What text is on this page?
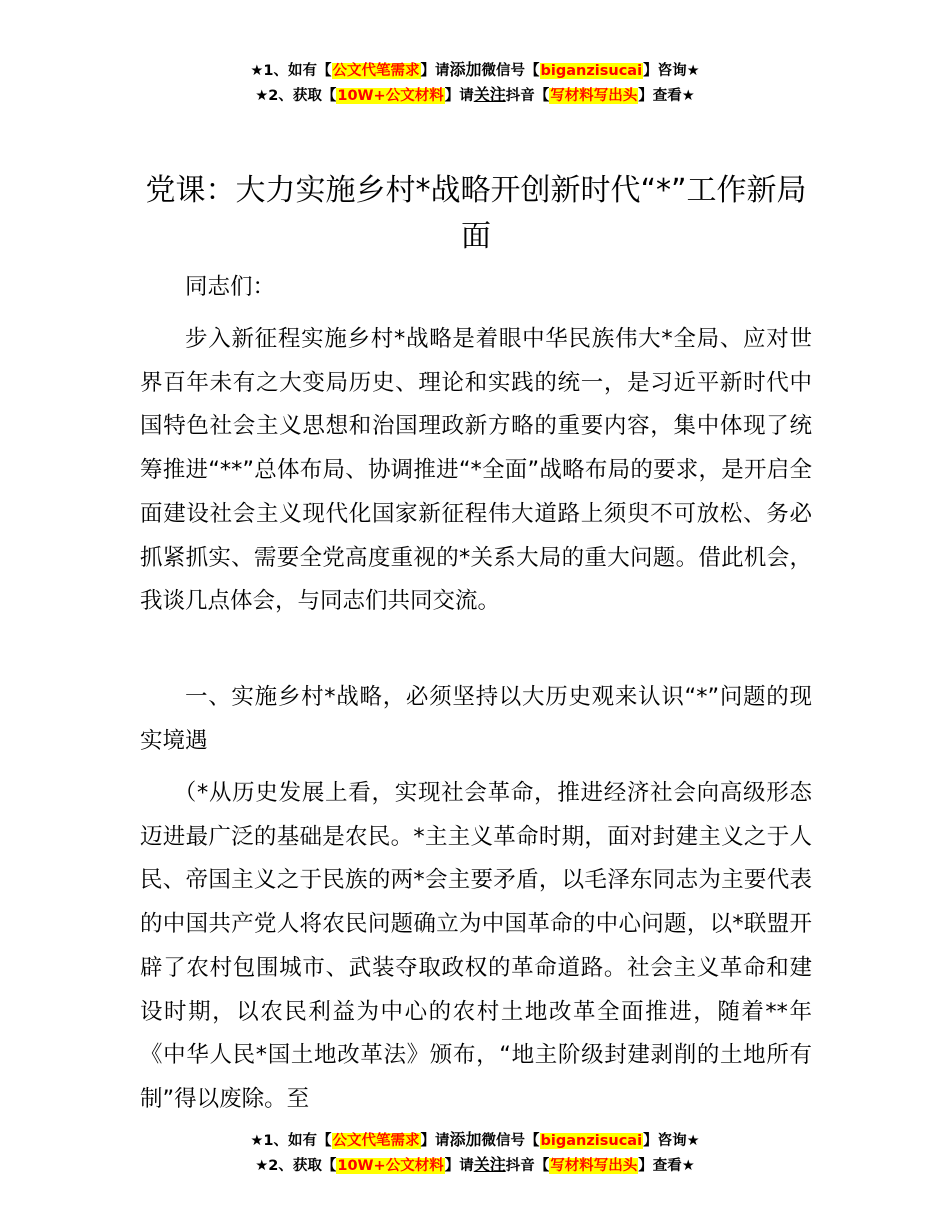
★1、如有【公文代笔需求】请添加微信号【biganzisucai】咨询★
★2、获取【10W+公文材料】请关注抖音【写材料写出头】查看★
党课：大力实施乡村*战略开创新时代“*”工作新局面

同志们：

步入新征程实施乡村*战略是着眼中华民族伟大*全局、应对世界百年未有之大变局历史、理论和实践的统一，是习近平新时代中国特色社会主义思想和治国理政新方略的重要内容，集中体现了统筹推进“**”总体布局、协调推进“*全面”战略布局的要求，是开启全面建设社会主义现代化国家新征程伟大道路上须臾不可放松、务必抓紧抓实、需要全党高度重视的*关系大局的重大问题。借此机会，我谈几点体会，与同志们共同交流。

一、实施乡村*战略，必须坚持以大历史观来认识“*”问题的现实境遇

（*从历史发展上看，实现社会革命，推进经济社会向高级形态迈进最广泛的基础是农民。*主主义革命时期，面对封建主义之于人民、帝国主义之于民族的两*会主要矛盾，以毛泽东同志为主要代表的中国共产党人将农民问题确立为中国革命的中心问题，以*联盟开辟了农村包围城市、武装夺取政权的革命道路。社会主义革命和建设时期，以农民利益为中心的农村土地改革全面推进，随着**年《中华人民*国土地改革法》颁布，“地主阶级封建剥削的土地所有制”得以废除。至

★1、如有【公文代笔需求】请添加微信号【biganzisucai】咨询★
★2、获取【10W+公文材料】请关注抖音【写材料写出头】查看★
